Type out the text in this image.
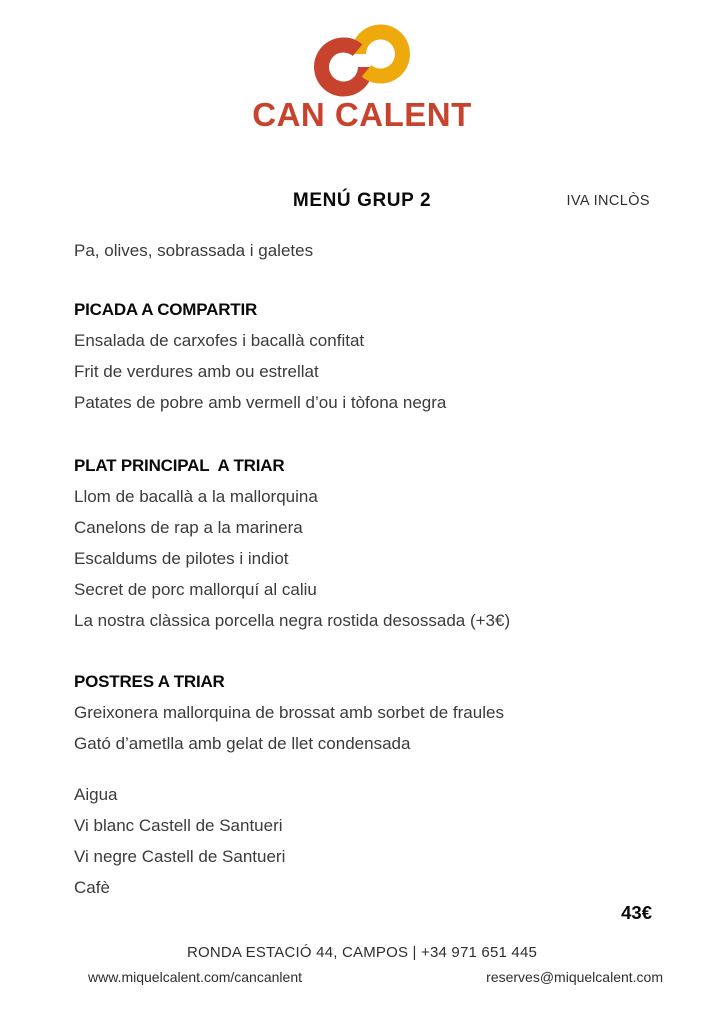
CAN CALENT
MENÚ GRUP 2	IVA INCLÒS

Pa, olives, sobrassada i galetes

PICADA A COMPARTIR

Ensalada de carxofes i bacallà confitat

Frit de verdures amb ou estrellat

Patates de pobre amb vermell d’ou i tòfona negra

PLAT PRINCIPAL  A TRIAR

Llom de bacallà a la mallorquina

Canelons de rap a la marinera

Escaldums de pilotes i indiot

Secret de porc mallorquí al caliu

La nostra clàssica porcella negra rostida desossada (+3€)

POSTRES A TRIAR

Greixonera mallorquina de brossat amb sorbet de fraules

Gató d’ametlla amb gelat de llet condensada

Aigua

Vi blanc Castell de Santueri

Vi negre Castell de Santueri

Cafè

43€
RONDA ESTACIÓ 44, CAMPOS | +34 971 651 445
www.miquelcalent.com/cancanlent	reserves@miquelcalent.com
